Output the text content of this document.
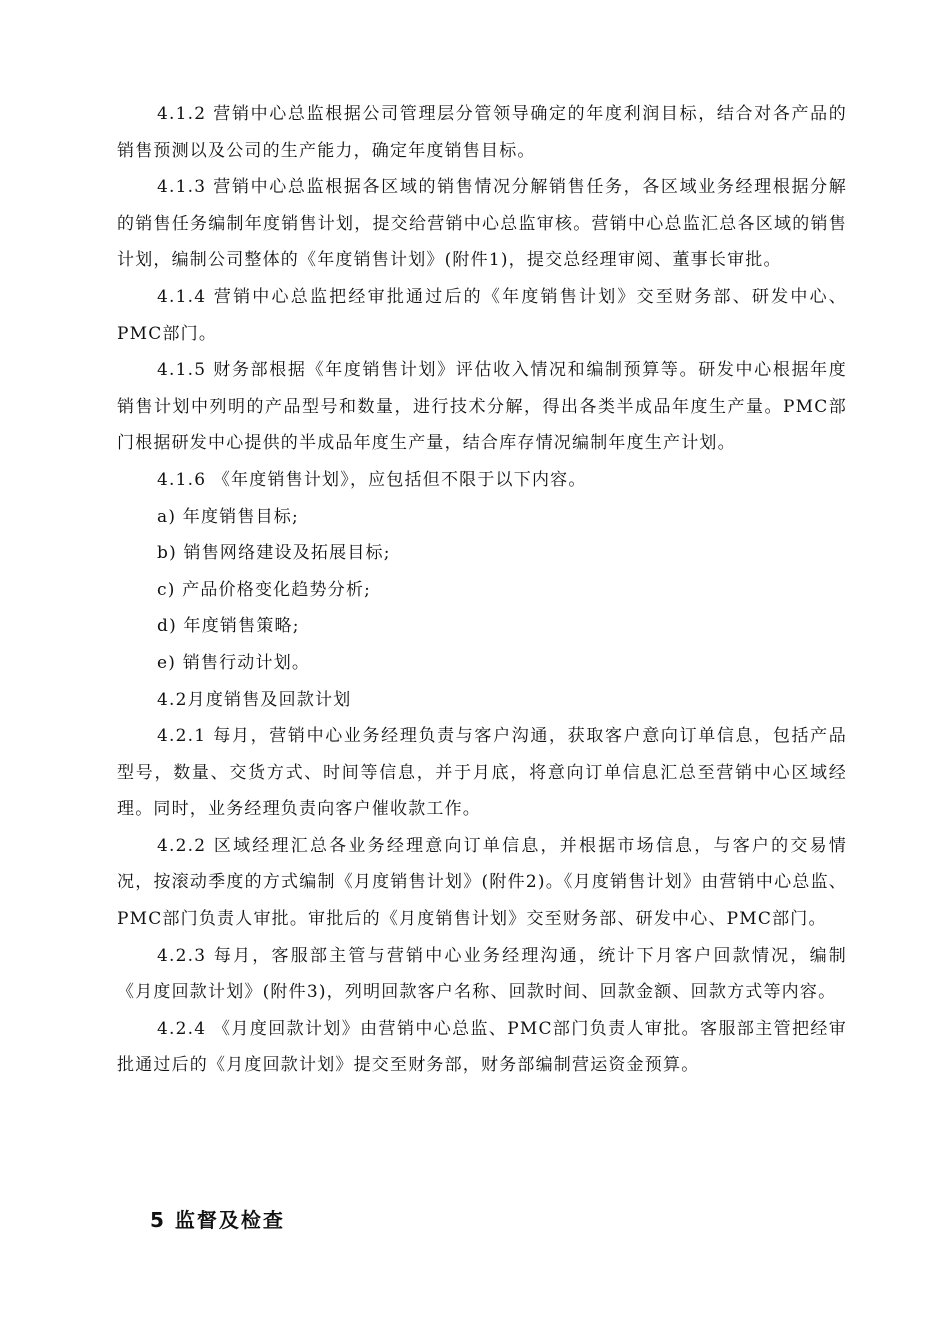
4.1.2 营销中心总监根据公司管理层分管领导确定的年度利润目标，结合对各产品的销售预测以及公司的生产能力，确定年度销售目标。

4.1.3 营销中心总监根据各区域的销售情况分解销售任务，各区域业务经理根据分解的销售任务编制年度销售计划，提交给营销中心总监审核。营销中心总监汇总各区域的销售计划，编制公司整体的《年度销售计划》(附件1)，提交总经理审阅、董事长审批。

4.1.4 营销中心总监把经审批通过后的《年度销售计划》交至财务部、研发中心、PMC部门。

4.1.5 财务部根据《年度销售计划》评估收入情况和编制预算等。研发中心根据年度销售计划中列明的产品型号和数量，进行技术分解，得出各类半成品年度生产量。PMC部门根据研发中心提供的半成品年度生产量，结合库存情况编制年度生产计划。

4.1.6 《年度销售计划》，应包括但不限于以下内容。

a) 年度销售目标;

b) 销售网络建设及拓展目标;

c) 产品价格变化趋势分析;

d) 年度销售策略;

e) 销售行动计划。

4.2月度销售及回款计划

4.2.1 每月，营销中心业务经理负责与客户沟通，获取客户意向订单信息，包括产品型号，数量、交货方式、时间等信息，并于月底，将意向订单信息汇总至营销中心区域经理。同时，业务经理负责向客户催收款工作。

4.2.2 区域经理汇总各业务经理意向订单信息，并根据市场信息，与客户的交易情况，按滚动季度的方式编制《月度销售计划》(附件2)。《月度销售计划》由营销中心总监、PMC部门负责人审批。审批后的《月度销售计划》交至财务部、研发中心、PMC部门。

4.2.3 每月，客服部主管与营销中心业务经理沟通，统计下月客户回款情况，编制《月度回款计划》(附件3)，列明回款客户名称、回款时间、回款金额、回款方式等内容。

4.2.4 《月度回款计划》由营销中心总监、PMC部门负责人审批。客服部主管把经审批通过后的《月度回款计划》提交至财务部，财务部编制营运资金预算。

5 监督及检查
